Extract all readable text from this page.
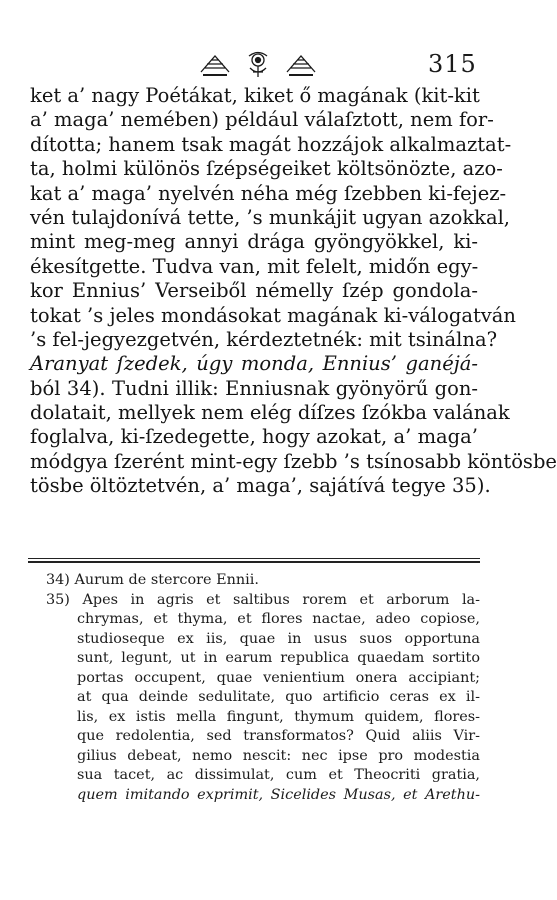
315
ket a’ nagy Poétákat, kiket ő magának (kit-kit
a’ maga’ nemében) például válaſztott, nem for-
dította; hanem tsak magát hozzájok alkalmaztat-
ta, holmi különös ſzépségeiket költsönözte, azo-
kat a’ maga’ nyelvén néha még ſzebben ki-fejez-
vén tulajdonívá tette, ’s munkájit ugyan azokkal,
mint meg-meg annyi drága gyöngyökkel, ki-
ékesítgette. Tudva van, mit felelt, midőn egy-
kor Ennius’ Verseiből némelly ſzép gondola-
tokat ’s jeles mondásokat magának ki-válogatván
’s fel-jegyezgetvén, kérdeztetnék: mit tsinálna?
Aranyat ſzedek, úgy monda, Ennius’ ganéjá-
ból 34). Tudni illik: Enniusnak gyönyörű gon-
dolatait, mellyek nem elég díſzes ſzókba valának
foglalva, ki-ſzedegette, hogy azokat, a’ maga’
módgya ſzerént mint-egy ſzebb ’s tsínosabb köntösbe
tösbe öltöztetvén, a’ maga’, sajátívá tegye 35).
34) Aurum de stercore Ennii.
35) Apes in agris et saltibus rorem et arborum la-
chrymas, et thyma, et flores nactae, adeo copiose,
studioseque ex iis, quae in usus suos opportuna
sunt, legunt, ut in earum republica quaedam sortito
portas occupent, quae venientium onera accipiant;
at qua deinde sedulitate, quo artificio ceras ex il-
lis, ex istis mella fingunt, thymum quidem, flores-
que redolentia, sed transformatos? Quid aliis Vir-
gilius debeat, nemo nescit: nec ipse pro modestia
sua tacet, ac dissimulat, cum et Theocriti gratia,
quem imitando exprimit, Sicelides Musas, et Arethu-
